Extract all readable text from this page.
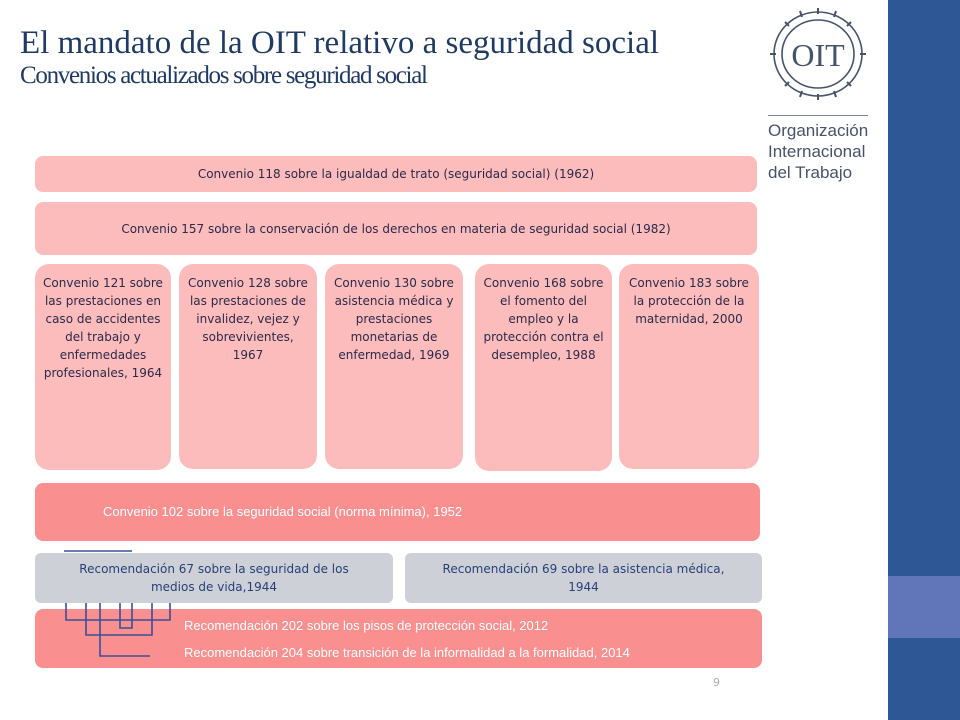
El mandato de la OIT relativo a seguridad social
Convenios actualizados sobre seguridad social
OIT
Organización
Internacional
del Trabajo
Convenio 118 sobre la igualdad de trato (seguridad social) (1962)
Convenio 157 sobre la conservación de los derechos en materia de seguridad social (1982)
Convenio 121 sobre las prestaciones en caso de accidentes del trabajo y enfermedades profesionales, 1964
Convenio 128 sobre las prestaciones de invalidez, vejez y sobrevivientes, 1967
Convenio 130 sobre asistencia médica y prestaciones monetarias de enfermedad, 1969
Convenio 168 sobre el fomento del empleo y la protección contra el desempleo, 1988
Convenio 183 sobre la protección de la maternidad, 2000
Convenio 102 sobre la seguridad social (norma mínima), 1952
Recomendación 67 sobre la seguridad de los medios de vida,1944
Recomendación 69 sobre la asistencia médica, 1944
Recomendación 202 sobre los pisos de protección social, 2012
Recomendación 204 sobre transición de la informalidad a la formalidad, 2014
9
